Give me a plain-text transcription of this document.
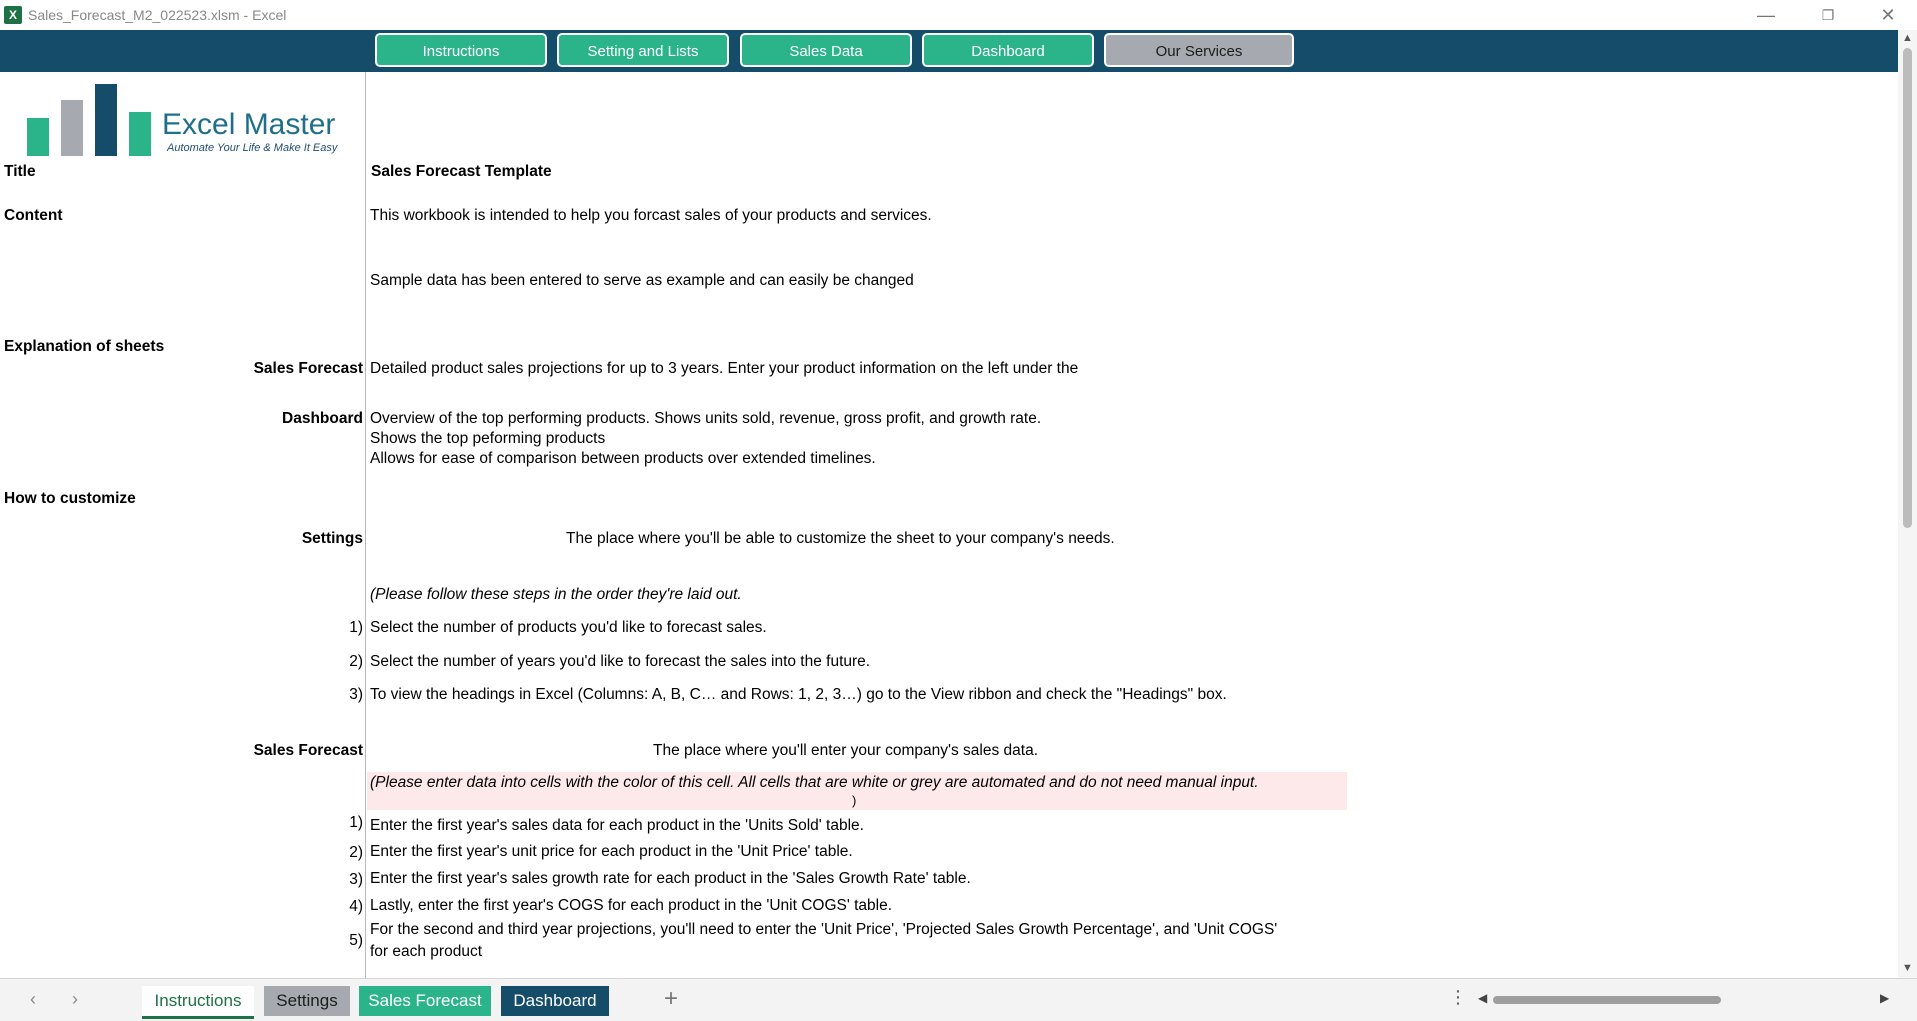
X Sales_Forecast_M2_022523.xlsm - Excel	—	❐	✕
Instructions	Setting and Lists	Sales Data	Dashboard	Our Services
Excel Master
Automate Your Life & Make It Easy
Title	Sales Forecast Template
Content	This workbook is intended to help you forcast sales of your products and services.
Sample data has been entered to serve as example and can easily be changed
Explanation of sheets
Sales Forecast Detailed product sales projections for up to 3 years. Enter your product information on the left under the
Dashboard Overview of the top performing products. Shows units sold, revenue, gross profit, and growth rate.
Shows the top peforming products
Allows for ease of comparison between products over extended timelines.
How to customize
Settings	The place where you'll be able to customize the sheet to your company's needs.
(Please follow these steps in the order they're laid out.
1) Select the number of products you'd like to forecast sales.
2) Select the number of years you'd like to forecast the sales into the future.
3) To view the headings in Excel (Columns: A, B, C… and Rows: 1, 2, 3…) go to the View ribbon and check the "Headings" box.
Sales Forecast	The place where you'll enter your company's sales data.
(Please enter data into cells with the color of this cell. All cells that are white or grey are automated and do not need manual input.
)
1) Enter the first year's sales data for each product in the 'Units Sold' table.
2) Enter the first year's unit price for each product in the 'Unit Price' table.
3) Enter the first year's sales growth rate for each product in the 'Sales Growth Rate' table.
4) Lastly, enter the first year's COGS for each product in the 'Unit COGS' table.
5)
For the second and third year projections, you'll need to enter the 'Unit Price', 'Projected Sales Growth Percentage', and 'Unit COGS'
for each product
▲
▼
‹ ›	Instructions	Settings	Sales Forecast	Dashboard	+	⋮ ◀	▶
